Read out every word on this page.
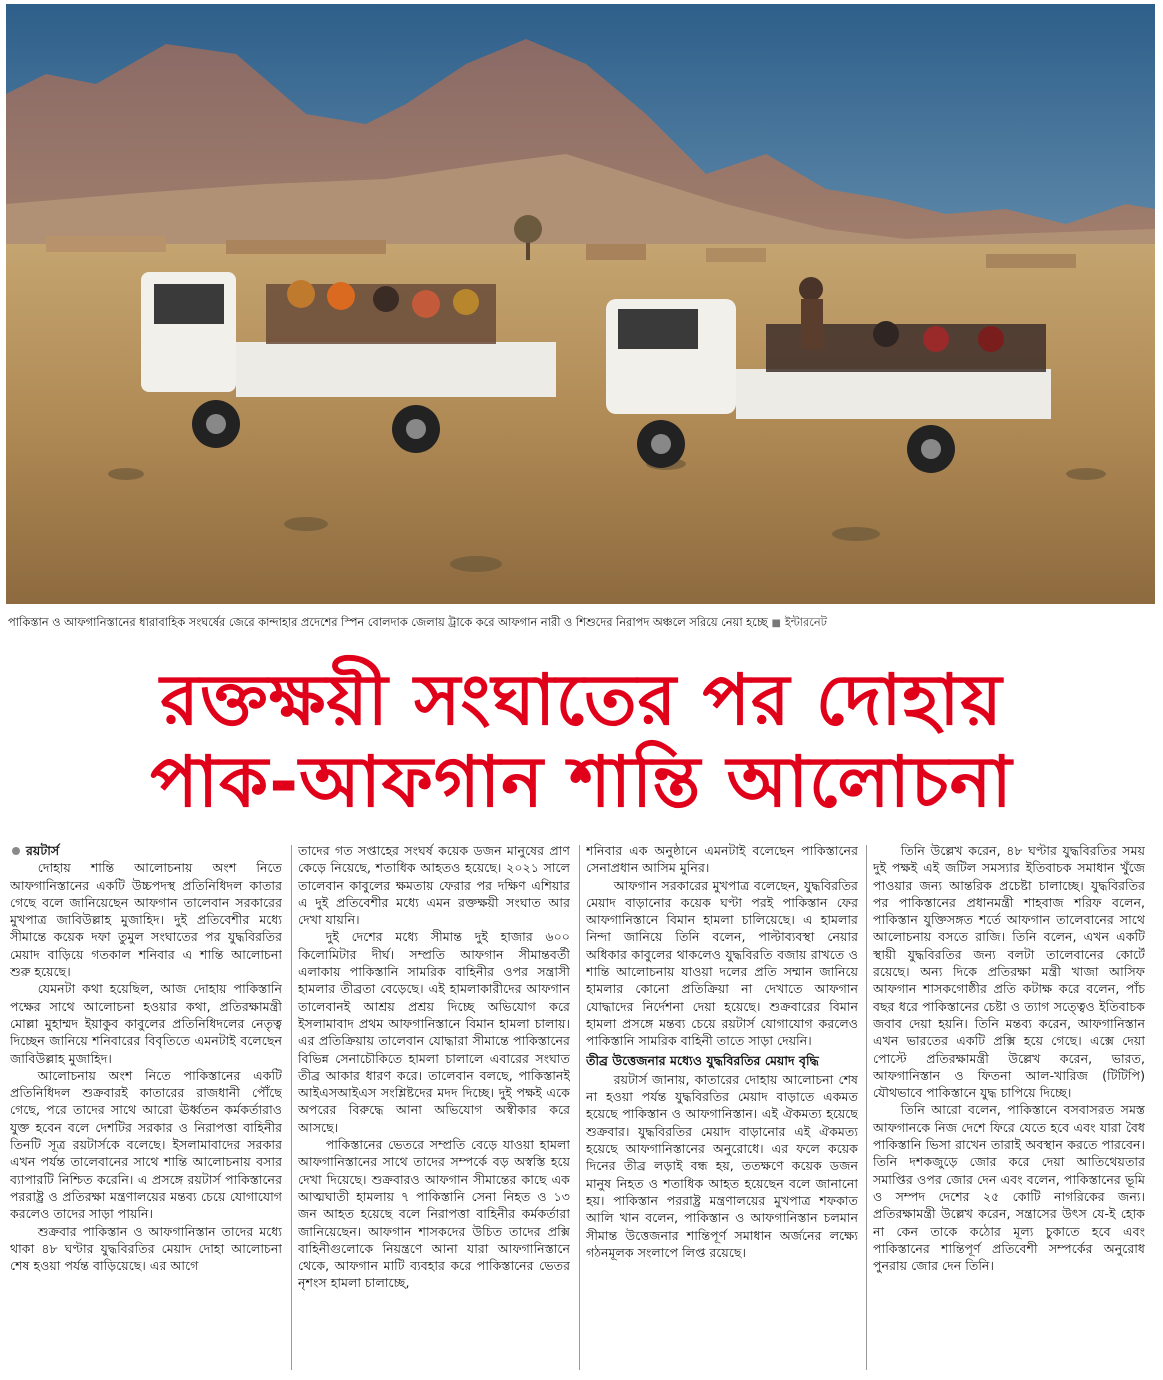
পাকিস্তান ও আফগানিস্তানের ধারাবাহিক সংঘর্ষের জেরে কান্দাহার প্রদেশের স্পিন বোলদাক জেলায় ট্রাকে করে আফগান নারী ও শিশুদের নিরাপদ অঞ্চলে সরিয়ে নেয়া হচ্ছে ■ ইন্টারনেট
রক্তক্ষয়ী সংঘাতের পর দোহায়
পাক-আফগান শান্তি আলোচনা

রয়টার্স

দোহায় শান্তি আলোচনায় অংশ নিতে আফগানিস্তানের একটি উচ্চপদস্থ প্রতিনিধিদল কাতার গেছে বলে জানিয়েছেন আফগান তালেবান সরকারের মুখপাত্র জাবিউল্লাহ মুজাহিদ। দুই প্রতিবেশীর মধ্যে সীমান্তে কয়েক দফা তুমুল সংঘাতের পর যুদ্ধবিরতির মেয়াদ বাড়িয়ে গতকাল শনিবার এ শান্তি আলোচনা শুরু হয়েছে।

যেমনটা কথা হয়েছিল, আজ দোহায় পাকিস্তানি পক্ষের সাথে আলোচনা হওয়ার কথা, প্রতিরক্ষামন্ত্রী মোল্লা মুহাম্মদ ইয়াকুব কাবুলের প্রতিনিধিদলের নেতৃত্ব দিচ্ছেন জানিয়ে শনিবারের বিবৃতিতে এমনটাই বলেছেন জাবিউল্লাহ মুজাহিদ।

আলোচনায় অংশ নিতে পাকিস্তানের একটি প্রতিনিধিদল শুক্রবারই কাতারের রাজধানী পৌঁছে গেছে, পরে তাদের সাথে আরো ঊর্ধ্বতন কর্মকর্তারাও যুক্ত হবেন বলে দেশটির সরকার ও নিরাপত্তা বাহিনীর তিনটি সূত্র রয়টার্সকে বলেছে। ইসলামাবাদের সরকার এখন পর্যন্ত তালেবানের সাথে শান্তি আলোচনায় বসার ব্যাপারটি নিশ্চিত করেনি। এ প্রসঙ্গে রয়টার্স পাকিস্তানের পররাষ্ট্র ও প্রতিরক্ষা মন্ত্রণালয়ের মন্তব্য চেয়ে যোগাযোগ করলেও তাদের সাড়া পায়নি।

শুক্রবার পাকিস্তান ও আফগানিস্তান তাদের মধ্যে থাকা ৪৮ ঘণ্টার যুদ্ধবিরতির মেয়াদ দোহা আলোচনা শেষ হওয়া পর্যন্ত বাড়িয়েছে। এর আগে

তাদের গত সপ্তাহের সংঘর্ষ কয়েক ডজন মানুষের প্রাণ কেড়ে নিয়েছে, শতাধিক আহতও হয়েছে। ২০২১ সালে তালেবান কাবুলের ক্ষমতায় ফেরার পর দক্ষিণ এশিয়ার এ দুই প্রতিবেশীর মধ্যে এমন রক্তক্ষয়ী সংঘাত আর দেখা যায়নি।

দুই দেশের মধ্যে সীমান্ত দুই হাজার ৬০০ কিলোমিটার দীর্ঘ। সম্প্রতি আফগান সীমান্তবর্তী এলাকায় পাকিস্তানি সামরিক বাহিনীর ওপর সন্ত্রাসী হামলার তীব্রতা বেড়েছে। এই হামলাকারীদের আফগান তালেবানই আশ্রয় প্রশ্রয় দিচ্ছে অভিযোগ করে ইসলামাবাদ প্রথম আফগানিস্তানে বিমান হামলা চালায়। এর প্রতিক্রিয়ায় তালেবান যোদ্ধারা সীমান্তে পাকিস্তানের বিভিন্ন সেনাচৌকিতে হামলা চালালে এবারের সংঘাত তীব্র আকার ধারণ করে। তালেবান বলছে, পাকিস্তানই আইএসআইএস সংশ্লিষ্টদের মদদ দিচ্ছে। দুই পক্ষই একে অপরের বিরুদ্ধে আনা অভিযোগ অস্বীকার করে আসছে।

পাকিস্তানের ভেতরে সম্প্রতি বেড়ে যাওয়া হামলা আফগানিস্তানের সাথে তাদের সম্পর্কে বড় অস্বস্তি হয়ে দেখা দিয়েছে। শুক্রবারও আফগান সীমান্তের কাছে এক আত্মঘাতী হামলায় ৭ পাকিস্তানি সেনা নিহত ও ১৩ জন আহত হয়েছে বলে নিরাপত্তা বাহিনীর কর্মকর্তারা জানিয়েছেন। আফগান শাসকদের উচিত তাদের প্রক্সি বাহিনীগুলোকে নিয়ন্ত্রণে আনা যারা আফগানিস্তানে থেকে, আফগান মাটি ব্যবহার করে পাকিস্তানের ভেতর নৃশংস হামলা চালাচ্ছে,

শনিবার এক অনুষ্ঠানে এমনটাই বলেছেন পাকিস্তানের সেনাপ্রধান আসিম মুনির।

আফগান সরকারের মুখপাত্র বলেছেন, যুদ্ধবিরতির মেয়াদ বাড়ানোর কয়েক ঘণ্টা পরই পাকিস্তান ফের আফগানিস্তানে বিমান হামলা চালিয়েছে। এ হামলার নিন্দা জানিয়ে তিনি বলেন, পাল্টাব্যবস্থা নেয়ার অধিকার কাবুলের থাকলেও যুদ্ধবিরতি বজায় রাখতে ও শান্তি আলোচনায় যাওয়া দলের প্রতি সম্মান জানিয়ে হামলার কোনো প্রতিক্রিয়া না দেখাতে আফগান যোদ্ধাদের নির্দেশনা দেয়া হয়েছে। শুক্রবারের বিমান হামলা প্রসঙ্গে মন্তব্য চেয়ে রয়টার্স যোগাযোগ করলেও পাকিস্তানি সামরিক বাহিনী তাতে সাড়া দেয়নি।

তীব্র উত্তেজনার মধ্যেও যুদ্ধবিরতির মেয়াদ বৃদ্ধি

রয়টার্স জানায়, কাতারের দোহায় আলোচনা শেষ না হওয়া পর্যন্ত যুদ্ধবিরতির মেয়াদ বাড়াতে একমত হয়েছে পাকিস্তান ও আফগানিস্তান। এই ঐকমত্য হয়েছে শুক্রবার। যুদ্ধবিরতির মেয়াদ বাড়ানোর এই ঐকমত্য হয়েছে আফগানিস্তানের অনুরোধে। এর ফলে কয়েক দিনের তীব্র লড়াই বন্ধ হয়, ততক্ষণে কয়েক ডজন মানুষ নিহত ও শতাধিক আহত হয়েছেন বলে জানানো হয়। পাকিস্তান পররাষ্ট্র মন্ত্রণালয়ের মুখপাত্র শফকাত আলি খান বলেন, পাকিস্তান ও আফগানিস্তান চলমান সীমান্ত উত্তেজনার শান্তিপূর্ণ সমাধান অর্জনের লক্ষ্যে গঠনমূলক সংলাপে লিপ্ত রয়েছে।

তিনি উল্লেখ করেন, ৪৮ ঘণ্টার যুদ্ধবিরতির সময় দুই পক্ষই এই জটিল সমস্যার ইতিবাচক সমাধান খুঁজে পাওয়ার জন্য আন্তরিক প্রচেষ্টা চালাচ্ছে। যুদ্ধবিরতির পর পাকিস্তানের প্রধানমন্ত্রী শাহবাজ শরিফ বলেন, পাকিস্তান যুক্তিসঙ্গত শর্তে আফগান তালেবানের সাথে আলোচনায় বসতে রাজি। তিনি বলেন, এখন একটি স্থায়ী যুদ্ধবিরতির জন্য বলটা তালেবানের কোর্টে রয়েছে। অন্য দিকে প্রতিরক্ষা মন্ত্রী খাজা আসিফ আফগান শাসকগোষ্ঠীর প্রতি কটাক্ষ করে বলেন, পাঁচ বছর ধরে পাকিস্তানের চেষ্টা ও ত্যাগ সত্ত্বেও ইতিবাচক জবাব দেয়া হয়নি। তিনি মন্তব্য করেন, আফগানিস্তান এখন ভারতের একটি প্রক্সি হয়ে গেছে। এক্সে দেয়া পোস্টে প্রতিরক্ষামন্ত্রী উল্লেখ করেন, ভারত, আফগানিস্তান ও ফিতনা আল-খারিজ (টিটিপি) যৌথভাবে পাকিস্তানে যুদ্ধ চাপিয়ে দিচ্ছে।

তিনি আরো বলেন, পাকিস্তানে বসবাসরত সমস্ত আফগানকে নিজ দেশে ফিরে যেতে হবে এবং যারা বৈধ পাকিস্তানি ভিসা রাখেন তারাই অবস্থান করতে পারবেন। তিনি দশকজুড়ে জোর করে দেয়া আতিথেয়তার সমাপ্তির ওপর জোর দেন এবং বলেন, পাকিস্তানের ভূমি ও সম্পদ দেশের ২৫ কোটি নাগরিকের জন্য। প্রতিরক্ষামন্ত্রী উল্লেখ করেন, সন্ত্রাসের উৎস যে-ই হোক না কেন তাকে কঠোর মূল্য চুকাতে হবে এবং পাকিস্তানের শান্তিপূর্ণ প্রতিবেশী সম্পর্কের অনুরোধ পুনরায় জোর দেন তিনি।
